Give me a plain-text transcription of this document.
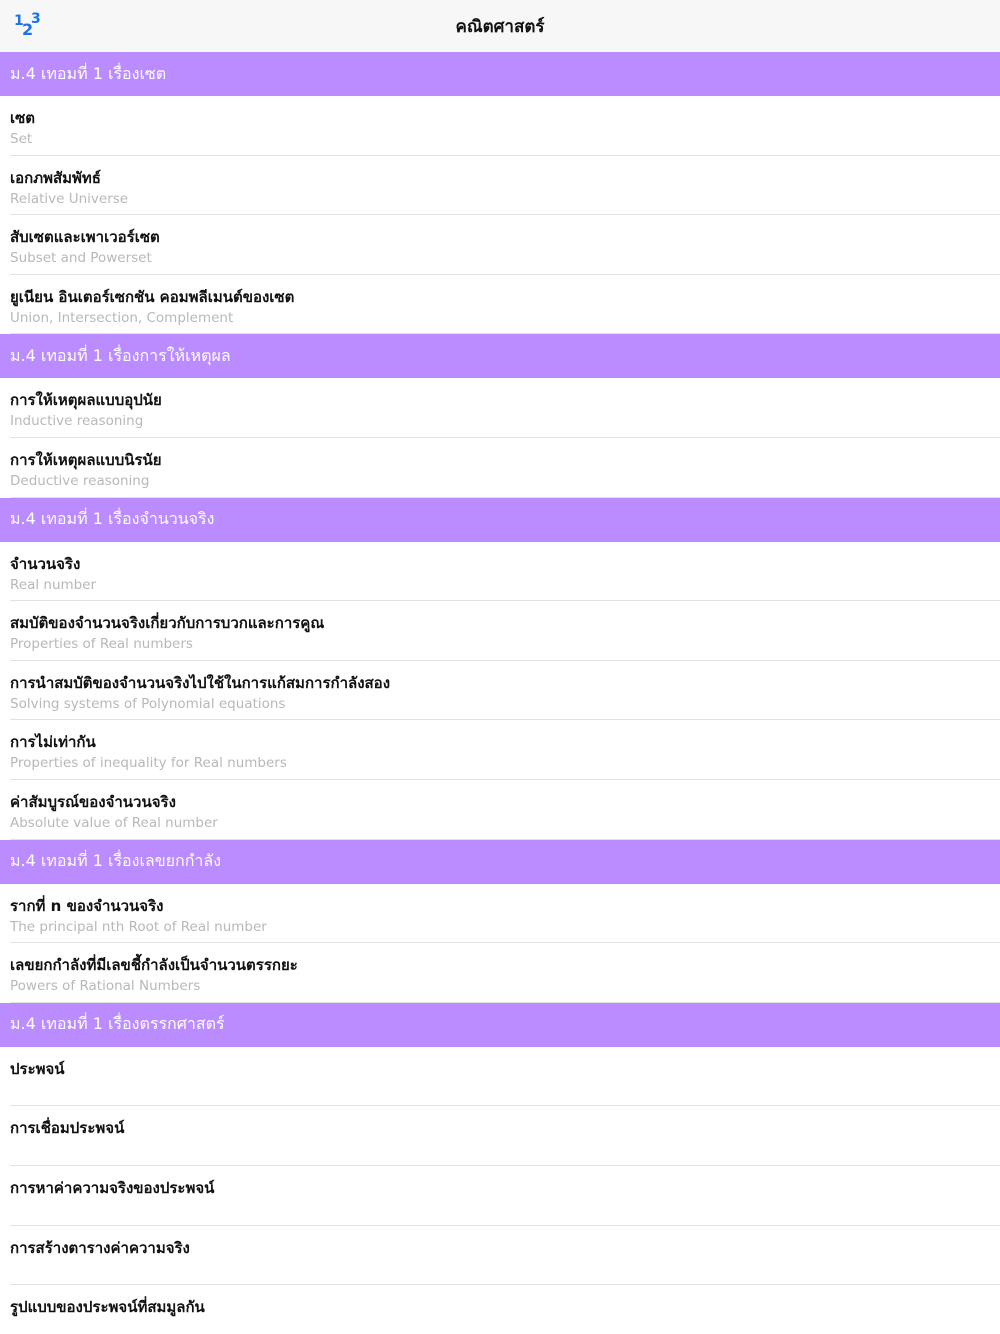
1
2
3	คณิตศาสตร์
ม.4 เทอมที่ 1 เรื่องเซต
เซต
Set
เอกภพสัมพัทธ์
Relative Universe
สับเซตและเพาเวอร์เซต
Subset and Powerset
ยูเนียน อินเตอร์เซกชัน คอมพลีเมนต์ของเซต
Union, Intersection, Complement
ม.4 เทอมที่ 1 เรื่องการให้เหตุผล
การให้เหตุผลแบบอุปนัย
Inductive reasoning
การให้เหตุผลแบบนิรนัย
Deductive reasoning
ม.4 เทอมที่ 1 เรื่องจำนวนจริง
จำนวนจริง
Real number
สมบัติของจำนวนจริงเกี่ยวกับการบวกและการคูณ
Properties of Real numbers
การนำสมบัติของจำนวนจริงไปใช้ในการแก้สมการกำลังสอง
Solving systems of Polynomial equations
การไม่เท่ากัน
Properties of inequality for Real numbers
ค่าสัมบูรณ์ของจำนวนจริง
Absolute value of Real number
ม.4 เทอมที่ 1 เรื่องเลขยกกำลัง
รากที่ n ของจำนวนจริง
The principal nth Root of Real number
เลขยกกำลังที่มีเลขชี้กำลังเป็นจำนวนตรรกยะ
Powers of Rational Numbers
ม.4 เทอมที่ 1 เรื่องตรรกศาสตร์
ประพจน์
การเชื่อมประพจน์
การหาค่าความจริงของประพจน์
การสร้างตารางค่าความจริง
รูปแบบของประพจน์ที่สมมูลกัน
